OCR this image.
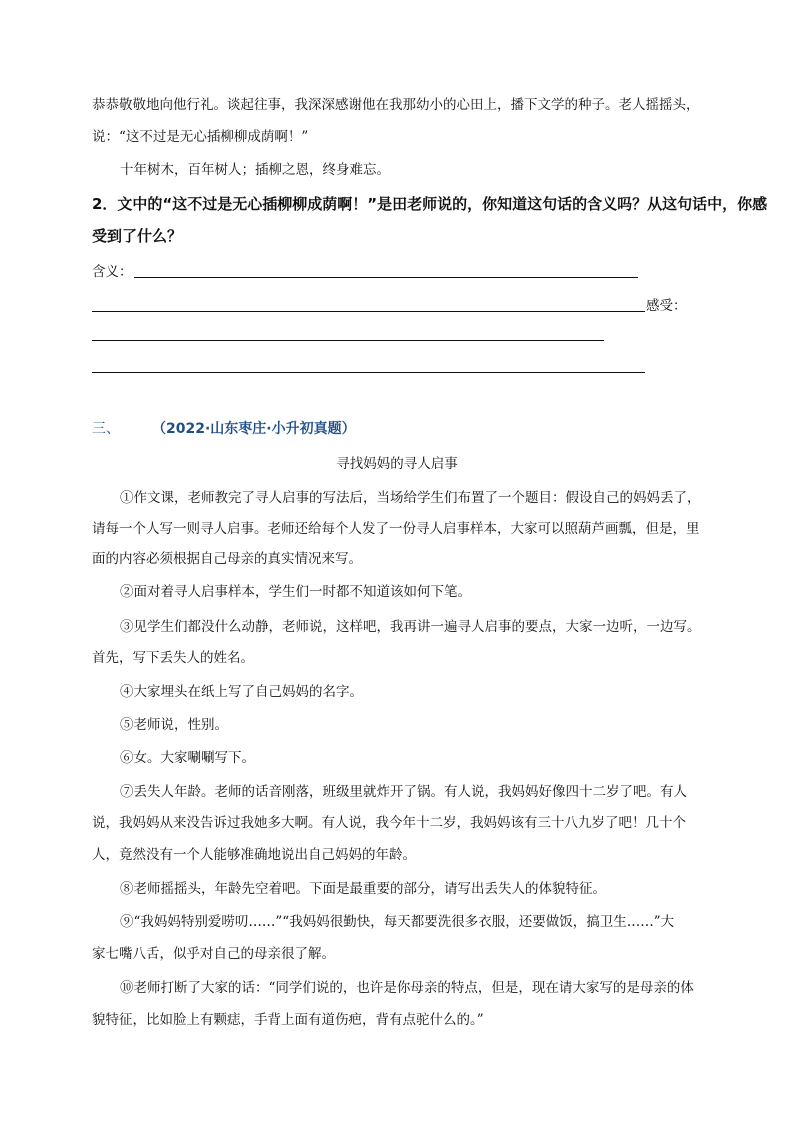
恭恭敬敬地向他行礼。谈起往事，我深深感谢他在我那幼小的心田上，播下文学的种子。老人摇摇头，
说：“这不过是无心插柳柳成荫啊！”
十年树木，百年树人；插柳之恩，终身难忘。
2．文中的“这不过是无心插柳柳成荫啊！”是田老师说的，你知道这句话的含义吗？从这句话中，你感
受到了什么？
含义：
感受：
三、 （2022·山东枣庄·小升初真题）
寻找妈妈的寻人启事
①作文课，老师教完了寻人启事的写法后，当场给学生们布置了一个题目：假设自己的妈妈丢了，
请每一个人写一则寻人启事。老师还给每个人发了一份寻人启事样本，大家可以照葫芦画瓢，但是，里
面的内容必须根据自己母亲的真实情况来写。
②面对着寻人启事样本，学生们一时都不知道该如何下笔。
③见学生们都没什么动静，老师说，这样吧，我再讲一遍寻人启事的要点，大家一边听，一边写。
首先，写下丢失人的姓名。
④大家埋头在纸上写了自己妈妈的名字。
⑤老师说，性别。
⑥女。大家唰唰写下。
⑦丢失人年龄。老师的话音刚落，班级里就炸开了锅。有人说，我妈妈好像四十二岁了吧。有人
说，我妈妈从来没告诉过我她多大啊。有人说，我今年十二岁，我妈妈该有三十八九岁了吧！几十个
人，竟然没有一个人能够准确地说出自己妈妈的年龄。
⑧老师摇摇头，年龄先空着吧。下面是最重要的部分，请写出丢失人的体貌特征。
⑨“我妈妈特别爱唠叨……”“我妈妈很勤快，每天都要洗很多衣服，还要做饭，搞卫生……”大
家七嘴八舌，似乎对自己的母亲很了解。
⑩老师打断了大家的话：“同学们说的，也许是你母亲的特点，但是，现在请大家写的是母亲的体
貌特征，比如脸上有颗痣，手背上面有道伤疤，背有点驼什么的。”
